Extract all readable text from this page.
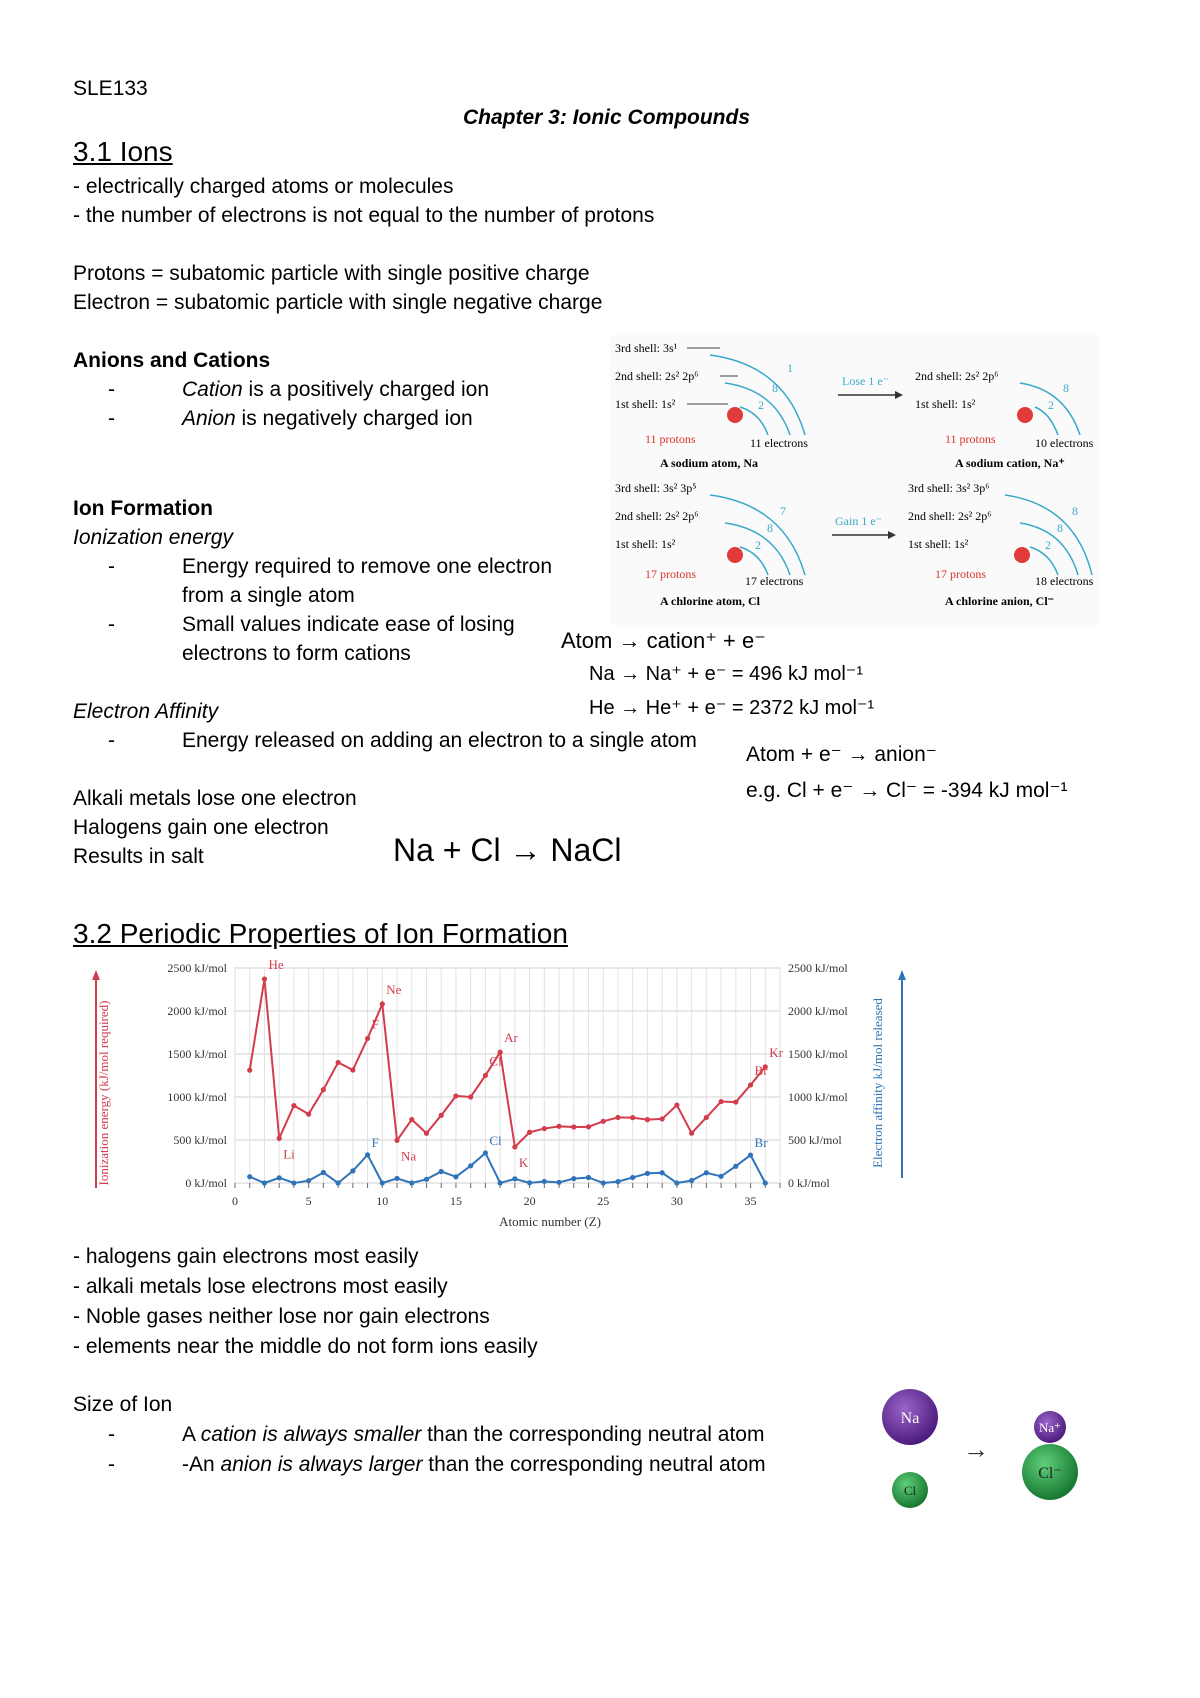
SLE133
Chapter 3: Ionic Compounds
3.1 Ions
- electrically charged atoms or molecules
- the number of electrons is not equal to the number of protons
Protons = subatomic particle with single positive charge
Electron = subatomic particle with single negative charge
Anions and Cations
-	Cation is a positively charged ion
-	Anion is negatively charged ion
Ion Formation
Ionization energy
-	Energy required to remove one electron
from a single atom
-	Small values indicate ease of losing
electrons to form cations
Electron Affinity
-	Energy released on adding an electron to a single atom
Alkali metals lose one electron
Halogens gain one electron
Results in salt	Na + Cl → NaCl
Atom → cation⁺ + e⁻
Na → Na⁺ + e⁻ = 496 kJ mol⁻¹
He → He⁺ + e⁻ = 2372 kJ mol⁻¹
Atom + e⁻ → anion⁻
e.g. Cl + e⁻ → Cl⁻ = -394 kJ mol⁻¹
3rd shell: 3s¹
2nd shell: 2s² 2p⁶
1st shell: 1s²
1
8
2
11 protons	11 electrons
A sodium atom, Na
Lose 1 e⁻ 2nd shell: 2s² 2p⁶
1st shell: 1s²
8
2
11 protons	10 electrons
A sodium cation, Na⁺
3rd shell: 3s² 3p⁵
2nd shell: 2s² 2p⁶
1st shell: 1s²
7
8
2
17 protons	17 electrons
A chlorine atom, Cl
Gain 1 e⁻
3rd shell: 3s² 3p⁶
2nd shell: 2s² 2p⁶
1st shell: 1s²
8
8
2
17 protons	18 electrons
A chlorine anion, Cl⁻
3.2 Periodic Properties of Ion Formation
0 kJ/mol	0 kJ/mol
500 kJ/mol	500 kJ/mol
1000 kJ/mol	1000 kJ/mol
1500 kJ/mol	1500 kJ/mol
2000 kJ/mol	2000 kJ/mol
2500 kJ/mol	2500 kJ/mol
0	5	10	15	20	25	30	35
He
Ne
F
Ar
Cl
Kr
Br
Li	Na	K
F	Cl	Br
Atomic number (Z)
Ionization energy (kJ/mol required)	Electron affinity kJ/mol released
- halogens gain electrons most easily
- alkali metals lose electrons most easily
- Noble gases neither lose nor gain electrons
- elements near the middle do not form ions easily
Size of Ion
-	A cation is always smaller than the corresponding neutral atom
-	-An anion is always larger than the corresponding neutral atom
Na
Cl
→
Na⁺
Cl⁻
